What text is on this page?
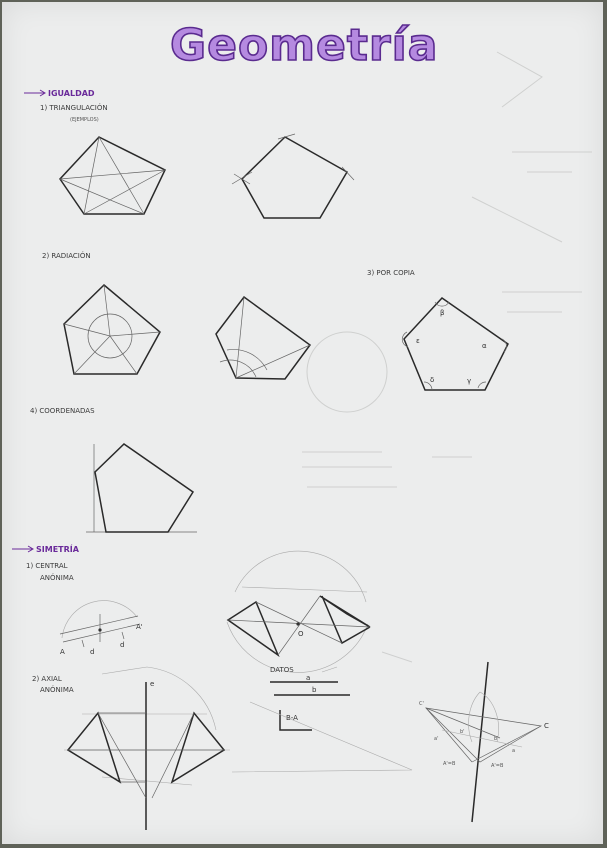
Geometría
IGUALDAD
1) TRIANGULACIÓN
(EJEMPLOS)
2) RADIACIÓN
3) POR COPIA
β
α
γ
δ
ε
4) COORDENADAS
SIMETRÍA
1) CENTRAL
ANÓNIMA
A
A'
d
d
O
2) AXIAL
ANÓNIMA
e
DATOS
a
b
B-A
C'
C
A'=B	A'=B
b'
b'
a'
a
